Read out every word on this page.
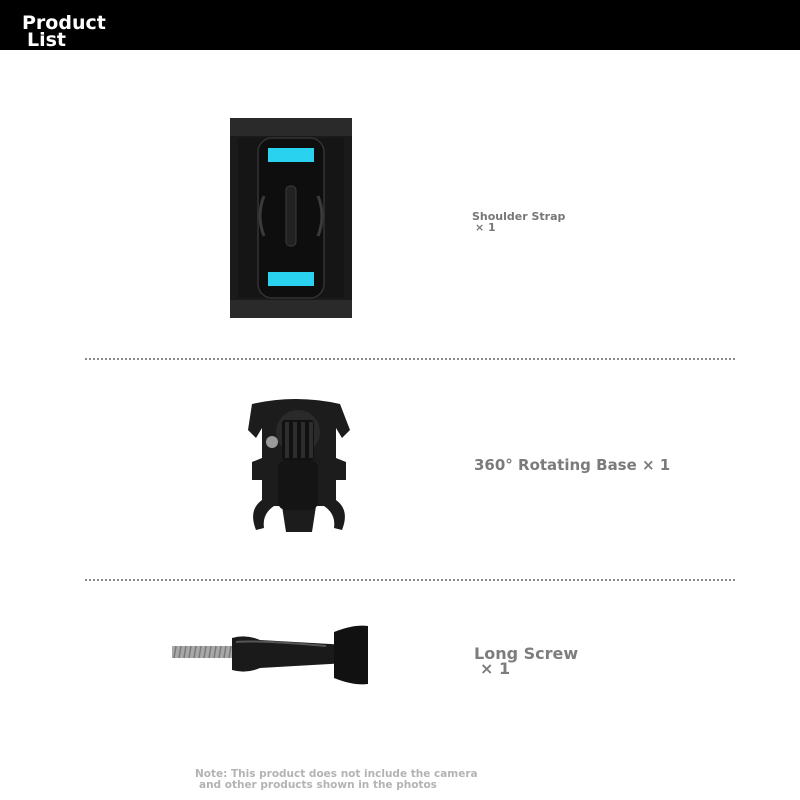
Product
List
Shoulder Strap
× 1
360° Rotating Base × 1
Long Screw
× 1
Note: This product does not include the camera
and other products shown in the photos
